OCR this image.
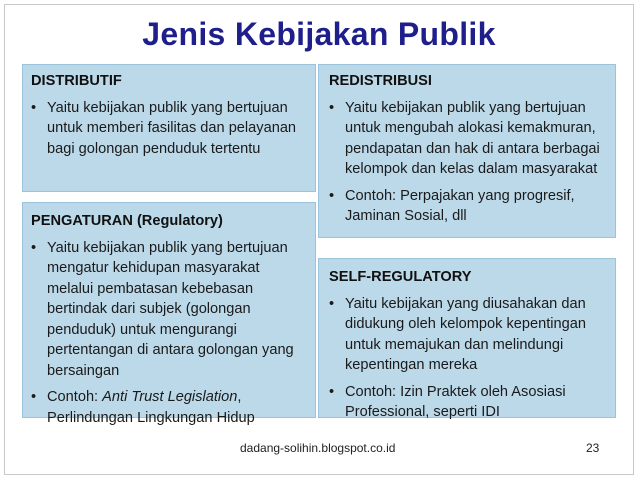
Jenis Kebijakan Publik
DISTRIBUTIF
• Yaitu kebijakan publik yang bertujuan untuk memberi fasilitas dan pelayanan bagi golongan penduduk tertentu
PENGATURAN (Regulatory)
• Yaitu kebijakan publik yang bertujuan mengatur kehidupan masyarakat melalui pembatasan kebebasan bertindak dari subjek (golongan penduduk) untuk mengurangi pertentangan di antara golongan yang bersaingan
• Contoh: Anti Trust Legislation, Perlindungan Lingkungan Hidup
REDISTRIBUSI
• Yaitu kebijakan publik yang bertujuan untuk mengubah alokasi kemakmuran, pendapatan dan hak di antara berbagai kelompok dan kelas dalam masyarakat
• Contoh: Perpajakan yang progresif, Jaminan Sosial, dll
SELF-REGULATORY
• Yaitu kebijakan yang diusahakan dan didukung oleh kelompok kepentingan untuk memajukan dan melindungi kepentingan mereka
• Contoh: Izin Praktek oleh Asosiasi Professional, seperti IDI
dadang-solihin.blogspot.co.id	23
